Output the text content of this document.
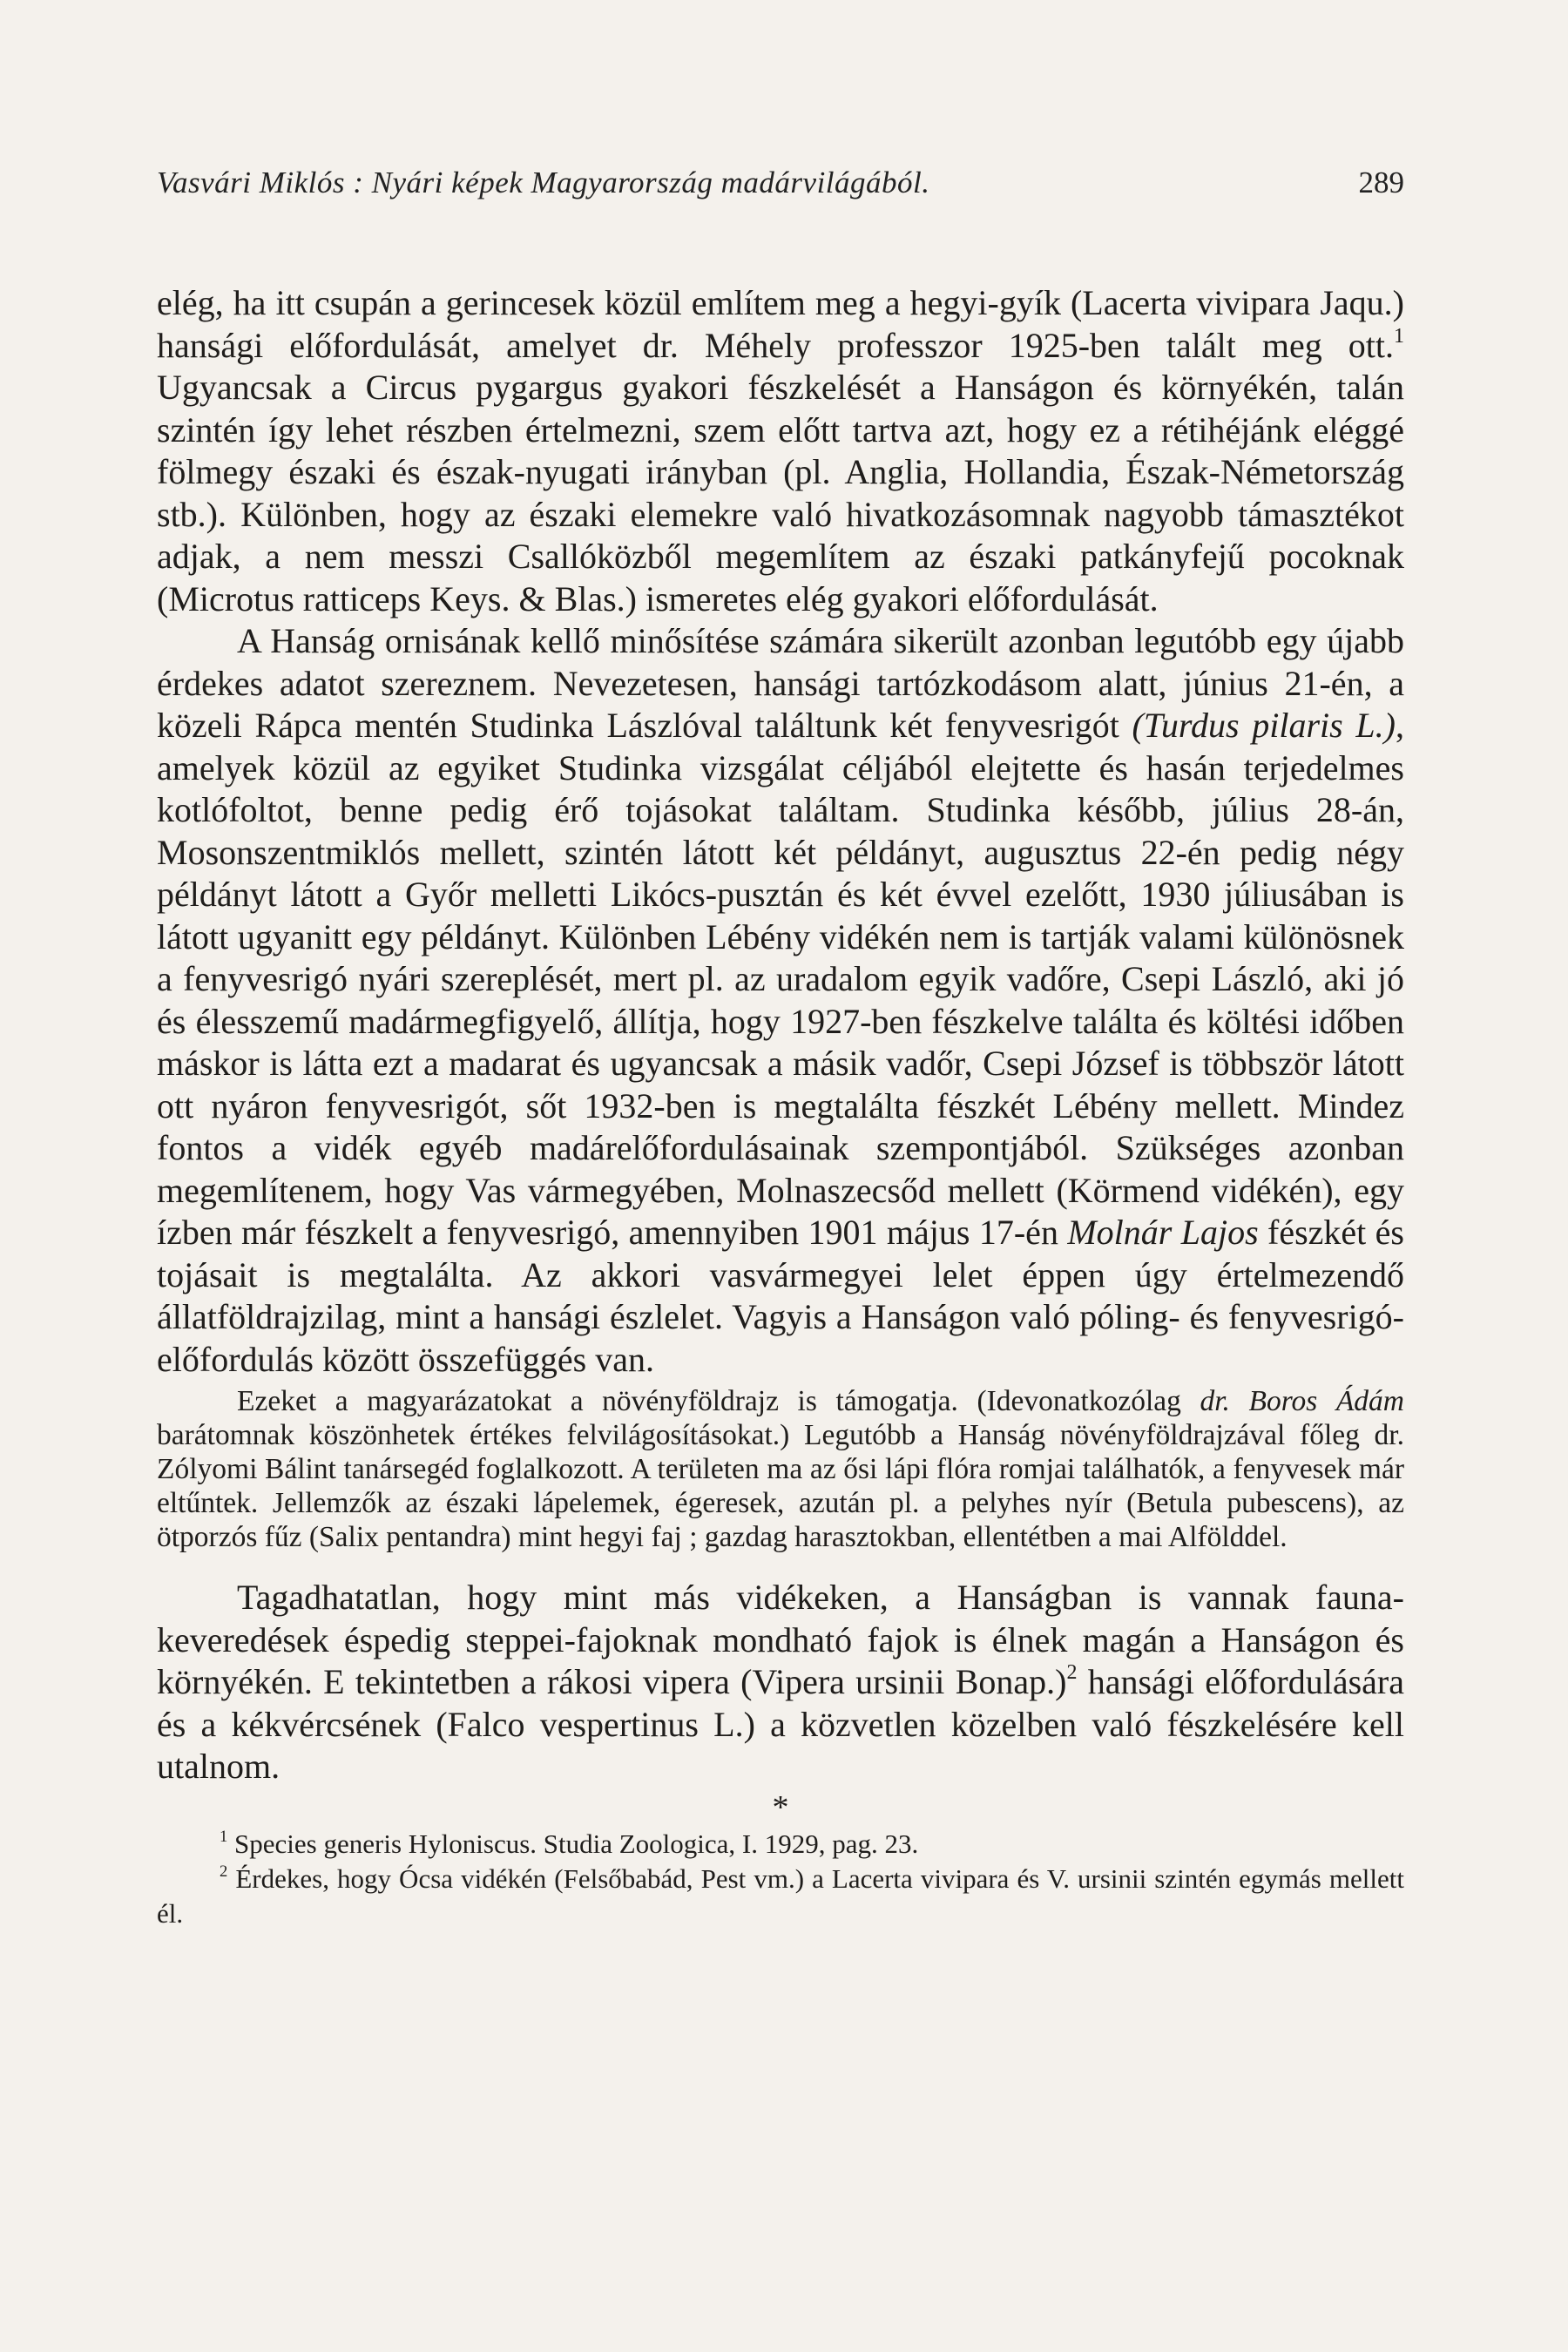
Vasvári Miklós : Nyári képek Magyarország madárvilágából.	289

elég, ha itt csupán a gerincesek közül említem meg a hegyi-gyík (Lacerta vivipara Jaqu.) hansági előfordulását, amelyet dr. Méhely professzor 1925-ben talált meg ott.$^1$ Ugyancsak a Circus pygargus gyakori fészkelését a Hanságon és környékén, talán szintén így lehet részben értelmezni, szem előtt tartva azt, hogy ez a rétihéjánk eléggé fölmegy északi és észak-nyugati irányban (pl. Anglia, Hollandia, Észak-Németország stb.). Különben, hogy az északi elemekre való hivatkozásomnak nagyobb támasztékot adjak, a nem messzi Csallóközből megemlítem az északi patkányfejű pocoknak (Microtus ratticeps Keys. & Blas.) ismeretes elég gyakori előfordulását.

A Hanság ornisának kellő minősítése számára sikerült azonban legutóbb egy újabb érdekes adatot szereznem. Nevezetesen, hansági tartózkodásom alatt, június 21-én, a közeli Rápca mentén Studinka Lászlóval találtunk két fenyvesrigót (Turdus pilaris L.), amelyek közül az egyiket Studinka vizsgálat céljából elejtette és hasán terjedelmes kotlófoltot, benne pedig érő tojásokat találtam. Studinka később, július 28-án, Mosonszentmiklós mellett, szintén látott két példányt, augusztus 22-én pedig négy példányt látott a Győr melletti Likócs-pusztán és két évvel ezelőtt, 1930 júliusában is látott ugyanitt egy példányt. Különben Lébény vidékén nem is tartják valami különösnek a fenyvesrigó nyári szereplését, mert pl. az uradalom egyik vadőre, Csepi László, aki jó és élesszemű madármegfigyelő, állítja, hogy 1927-ben fészkelve találta és költési időben máskor is látta ezt a madarat és ugyancsak a másik vadőr, Csepi József is többször látott ott nyáron fenyvesrigót, sőt 1932-ben is megtalálta fészkét Lébény mellett. Mindez fontos a vidék egyéb madárelőfordulásainak szempontjából. Szükséges azonban megemlítenem, hogy Vas vármegyében, Molnaszecsőd mellett (Körmend vidékén), egy ízben már fészkelt a fenyvesrigó, amennyiben 1901 május 17-én Molnár Lajos fészkét és tojásait is megtalálta. Az akkori vasvármegyei lelet éppen úgy értelmezendő állatföldrajzilag, mint a hansági észlelet. Vagyis a Hanságon való póling- és fenyvesrigó-előfordulás között összefüggés van.

Ezeket a magyarázatokat a növényföldrajz is támogatja. (Idevonatkozólag dr. Boros Ádám barátomnak köszönhetek értékes felvilágosításokat.) Legutóbb a Hanság növényföldrajzával főleg dr. Zólyomi Bálint tanársegéd foglalkozott. A területen ma az ősi lápi flóra romjai találhatók, a fenyvesek már eltűntek. Jellemzők az északi lápelemek, égeresek, azután pl. a pelyhes nyír (Betula pubescens), az ötporzós fűz (Salix pentandra) mint hegyi faj ; gazdag harasztokban, ellentétben a mai Alfölddel.

Tagadhatatlan, hogy mint más vidékeken, a Hanságban is vannak fauna-keveredések éspedig steppei-fajoknak mondható fajok is élnek magán a Hanságon és környékén. E tekintetben a rákosi vipera (Vipera ursinii Bonap.)$^2$ hansági előfordulására és a kékvércsének (Falco vespertinus L.) a közvetlen közelben való fészkelésére kell utalnom.

*

$^1$ Species generis Hyloniscus. Studia Zoologica, I. 1929, pag. 23.

$^2$ Érdekes, hogy Ócsa vidékén (Felsőbabád, Pest vm.) a Lacerta vivipara és V. ursinii szintén egymás mellett él.
